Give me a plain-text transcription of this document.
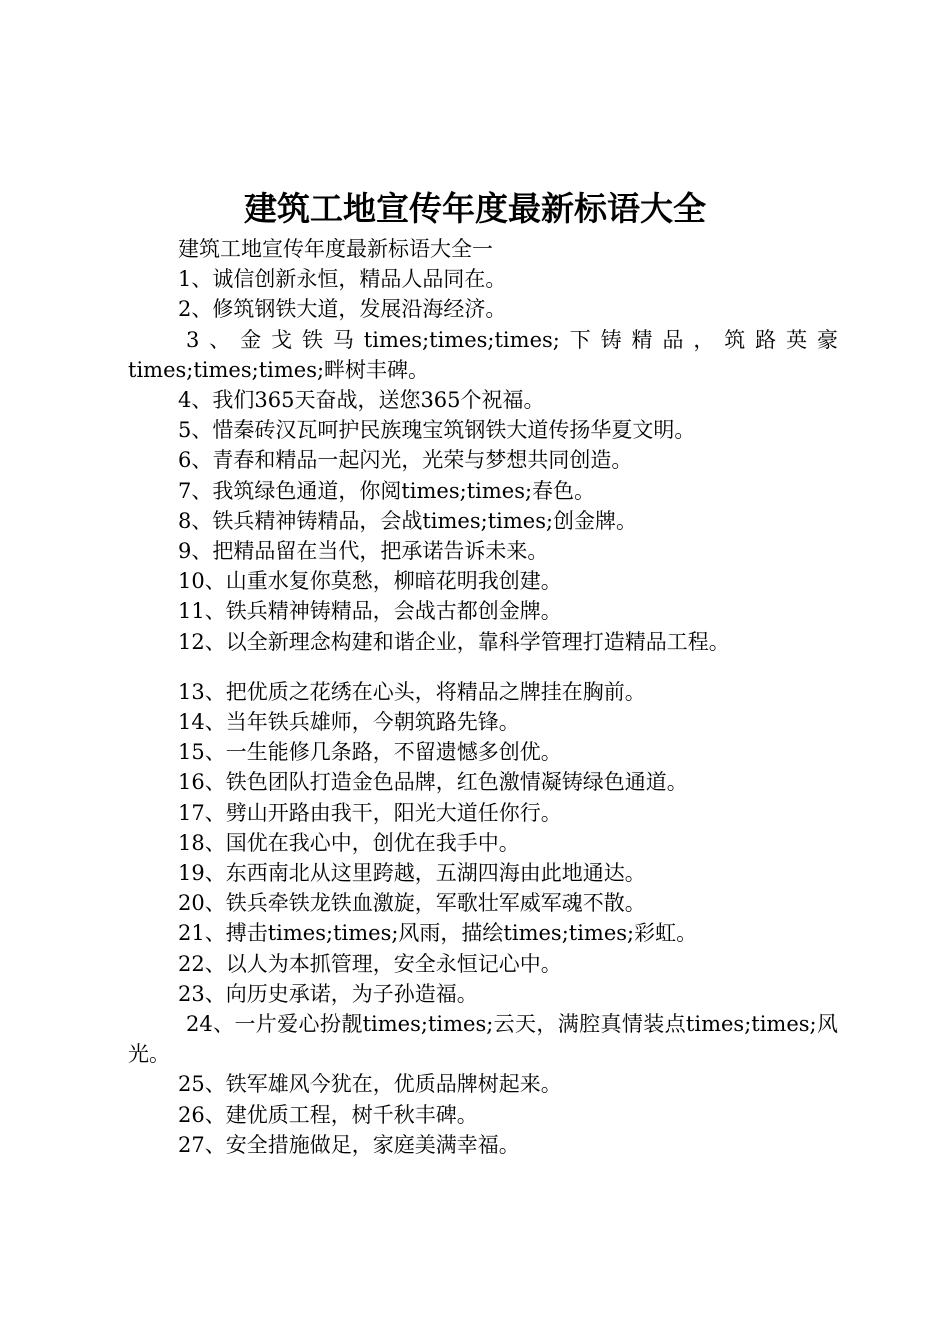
建筑工地宣传年度最新标语大全

建筑工地宣传年度最新标语大全一

1、诚信创新永恒，精品人品同在。

2、修筑钢铁大道，发展沿海经济。

3、金戈铁马times;times;times;下铸精品，筑路英豪times;times;times;畔树丰碑。

4、我们365天奋战，送您365个祝福。

5、惜秦砖汉瓦呵护民族瑰宝筑钢铁大道传扬华夏文明。

6、青春和精品一起闪光，光荣与梦想共同创造。

7、我筑绿色通道，你阅times;times;春色。

8、铁兵精神铸精品，会战times;times;创金牌。

9、把精品留在当代，把承诺告诉未来。

10、山重水复你莫愁，柳暗花明我创建。

11、铁兵精神铸精品，会战古都创金牌。

12、以全新理念构建和谐企业，靠科学管理打造精品工程。

13、把优质之花绣在心头，将精品之牌挂在胸前。

14、当年铁兵雄师，今朝筑路先锋。

15、一生能修几条路，不留遗憾多创优。

16、铁色团队打造金色品牌，红色激情凝铸绿色通道。

17、劈山开路由我干，阳光大道任你行。

18、国优在我心中，创优在我手中。

19、东西南北从这里跨越，五湖四海由此地通达。

20、铁兵牵铁龙铁血激旋，军歌壮军威军魂不散。

21、搏击times;times;风雨，描绘times;times;彩虹。

22、以人为本抓管理，安全永恒记心中。

23、向历史承诺，为子孙造福。

24、一片爱心扮靓times;times;云天，满腔真情装点times;times;风光。

25、铁军雄风今犹在，优质品牌树起来。

26、建优质工程，树千秋丰碑。

27、安全措施做足，家庭美满幸福。
